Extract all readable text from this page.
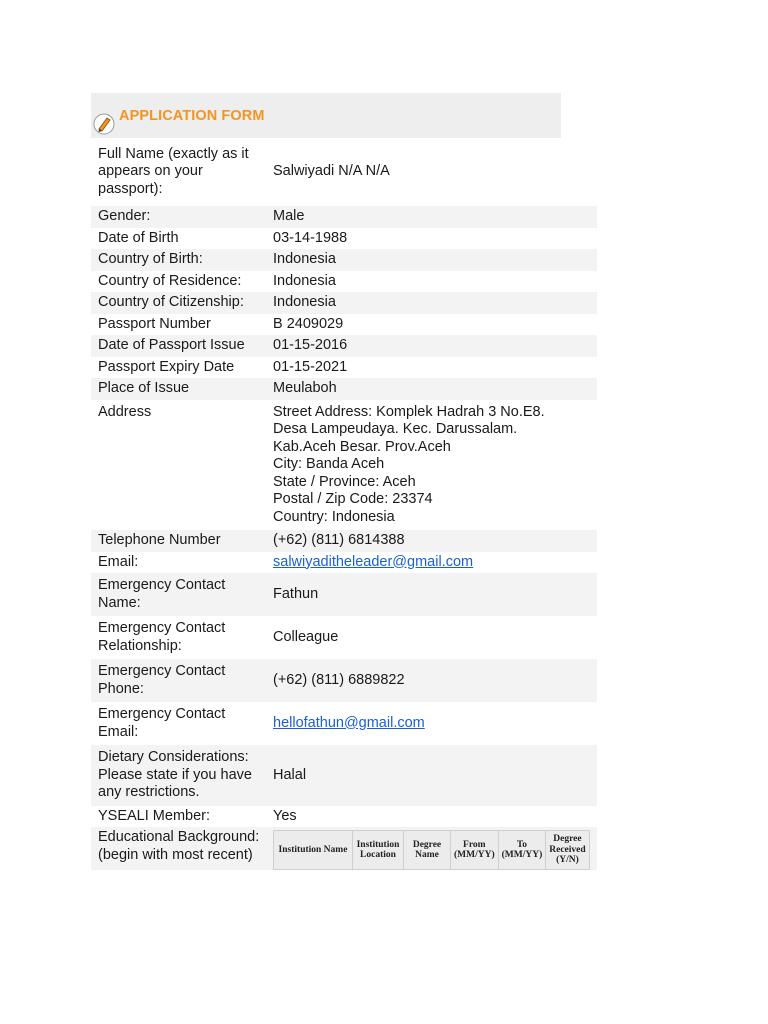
APPLICATION FORM
Full Name (exactly as it appears on your passport):	Salwiyadi N/A N/A
Gender:	Male
Date of Birth	03-14-1988
Country of Birth:	Indonesia
Country of Residence:	Indonesia
Country of Citizenship:	Indonesia
Passport Number	B 2409029
Date of Passport Issue	01-15-2016
Passport Expiry Date	01-15-2021
Place of Issue	Meulaboh
Address	Street Address: Komplek Hadrah 3 No.E8.
Desa Lampeudaya. Kec. Darussalam.
Kab.Aceh Besar. Prov.Aceh
City: Banda Aceh
State / Province: Aceh
Postal / Zip Code: 23374
Country: Indonesia

Telephone Number	(+62) (811) 6814388
Email:	salwiyaditheleader@gmail.com
Emergency Contact Name:	Fathun
Emergency Contact Relationship:	Colleague
Emergency Contact Phone:	(+62) (811) 6889822
Emergency Contact Email:	hellofathun@gmail.com
Dietary Considerations: Please state if you have any restrictions.	Halal
YSEALI Member:	Yes
Educational Background: (begin with most recent)		Institution Name	Institution Location	Degree Name	From (MM/YY)	To (MM/YY)	Degree Received (Y/N)
